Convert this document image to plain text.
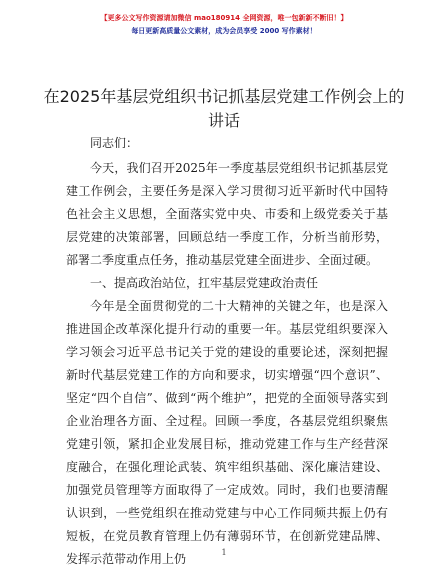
【更多公文写作资源请加微信 mao180914 全网资源，唯一包新新不断旧！】
每日更新高质量公文素材，成为会员享受 2000 写作素材！
在2025年基层党组织书记抓基层党建工作例会上的讲话

同志们：

今天，我们召开2025年一季度基层党组织书记抓基层党建工作例会，主要任务是深入学习贯彻习近平新时代中国特色社会主义思想，全面落实党中央、市委和上级党委关于基层党建的决策部署，回顾总结一季度工作，分析当前形势，部署二季度重点任务，推动基层党建全面进步、全面过硬。

一、提高政治站位，扛牢基层党建政治责任

今年是全面贯彻党的二十大精神的关键之年，也是深入推进国企改革深化提升行动的重要一年。基层党组织要深入学习领会习近平总书记关于党的建设的重要论述，深刻把握新时代基层党建工作的方向和要求，切实增强“四个意识”、坚定“四个自信”、做到“两个维护”，把党的全面领导落实到企业治理各方面、全过程。回顾一季度，各基层党组织聚焦党建引领，紧扣企业发展目标，推动党建工作与生产经营深度融合，在强化理论武装、筑牢组织基础、深化廉洁建设、加强党员管理等方面取得了一定成效。同时，我们也要清醒认识到，一些党组织在推动党建与中心工作同频共振上仍有短板，在党员教育管理上仍有薄弱环节，在创新党建品牌、发挥示范带动作用上仍	1
